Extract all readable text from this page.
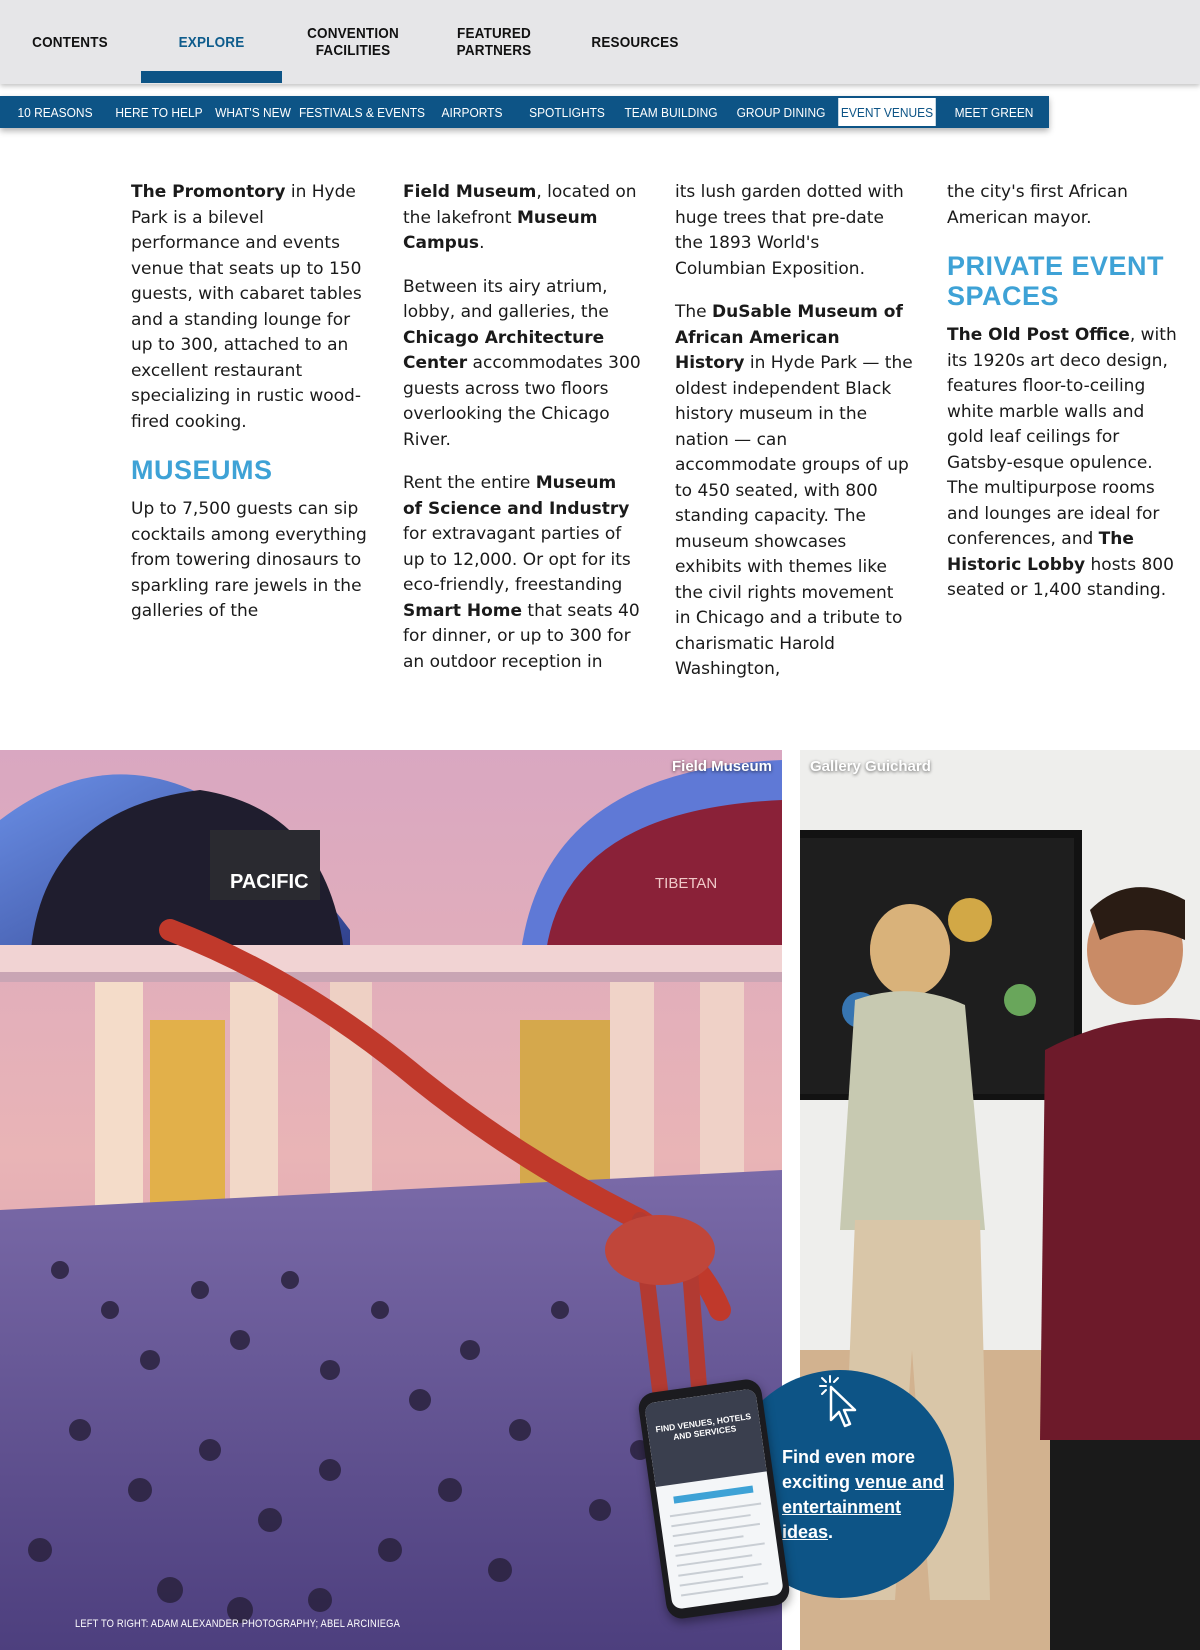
CONTENTS	EXPLORE	CONVENTION FACILITIES
FEATURED PARTNERS	RESOURCES
10 REASONS HERE TO HELP WHAT'S NEW FESTIVALS & EVENTS	AIRPORTS	SPOTLIGHTS TEAM BUILDING GROUP DINING EVENT VENUES	MEET GREEN

The Promontory in Hyde Park is a bilevel performance and events venue that seats up to 150 guests, with cabaret tables and a standing lounge for up to 300, attached to an excellent restaurant specializing in rustic wood-fired cooking.

MUSEUMS

Up to 7,500 guests can sip cocktails among everything from towering dinosaurs to sparkling rare jewels in the galleries of the

Field Museum, located on the lakefront Museum Campus.

Between its airy atrium, lobby, and galleries, the Chicago Architecture Center accommodates 300 guests across two floors overlooking the Chicago River.

Rent the entire Museum of Science and Industry for extravagant parties of up to 12,000. Or opt for its eco-friendly, freestanding Smart Home that seats 40 for dinner, or up to 300 for an outdoor reception in

its lush garden dotted with huge trees that pre-date the 1893 World's Columbian Exposition.

The DuSable Museum of African American History in Hyde Park — the oldest independent Black history museum in the nation — can accommodate groups of up to 450 seated, with 800 standing capacity. The museum showcases exhibits with themes like the civil rights movement in Chicago and a tribute to charismatic Harold Washington,

the city's first African American mayor.

PRIVATE EVENT SPACES

The Old Post Office, with its 1920s art deco design, features floor-to-ceiling white marble walls and gold leaf ceilings for Gatsby-esque opulence. The multipurpose rooms and lounges are ideal for conferences, and The Historic Lobby hosts 800 seated or 1,400 standing.

PACIFIC	TIBETAN
Field Museum	Gallery Guichard
LEFT TO RIGHT: ADAM ALEXANDER PHOTOGRAPHY; ABEL ARCINIEGA
Find even more exciting venue and entertainment ideas.
FIND VENUES, HOTELS AND SERVICES
